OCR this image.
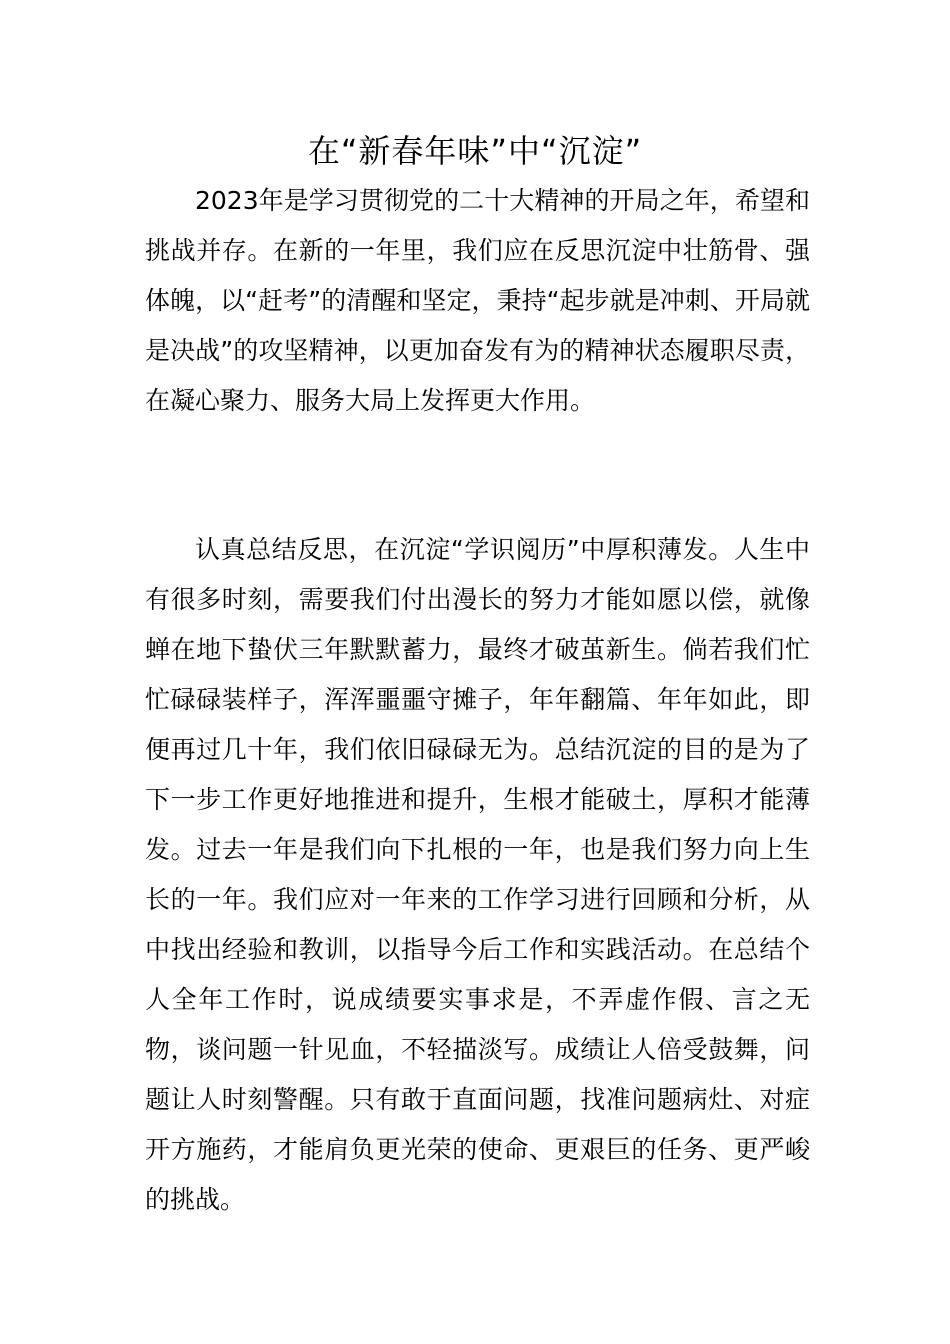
在“新春年味”中“沉淀”

2023年是学习贯彻党的二十大精神的开局之年，希望和挑战并存。在新的一年里，我们应在反思沉淀中壮筋骨、强体魄，以“赶考”的清醒和坚定，秉持“起步就是冲刺、开局就是决战”的攻坚精神，以更加奋发有为的精神状态履职尽责，在凝心聚力、服务大局上发挥更大作用。

认真总结反思，在沉淀“学识阅历”中厚积薄发。人生中有很多时刻，需要我们付出漫长的努力才能如愿以偿，就像蝉在地下蛰伏三年默默蓄力，最终才破茧新生。倘若我们忙忙碌碌装样子，浑浑噩噩守摊子，年年翻篇、年年如此，即便再过几十年，我们依旧碌碌无为。总结沉淀的目的是为了下一步工作更好地推进和提升，生根才能破土，厚积才能薄发。过去一年是我们向下扎根的一年，也是我们努力向上生长的一年。我们应对一年来的工作学习进行回顾和分析，从中找出经验和教训，以指导今后工作和实践活动。在总结个人全年工作时，说成绩要实事求是，不弄虚作假、言之无物，谈问题一针见血，不轻描淡写。成绩让人倍受鼓舞，问题让人时刻警醒。只有敢于直面问题，找准问题病灶、对症开方施药，才能肩负更光荣的使命、更艰巨的任务、更严峻的挑战。
